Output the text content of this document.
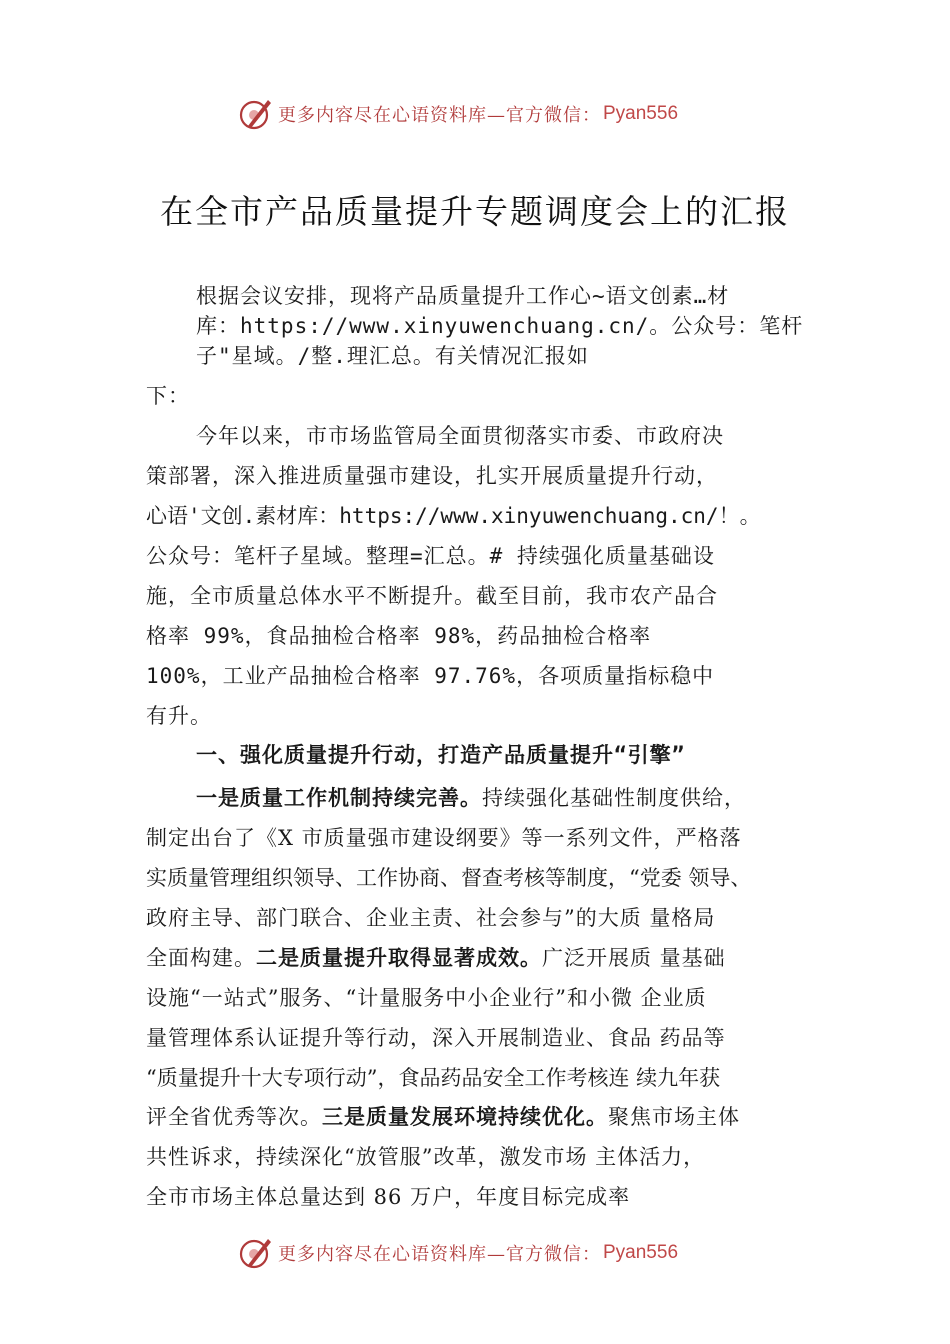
更多内容尽在心语资料库—官方微信： Pyan556
在全市产品质量提升专题调度会上的汇报
根据会议安排，现将产品质量提升工作心~语文创素…材
库：https://www.xinyuwenchuang.cn/。公众号：笔杆
子"星域。/整.理汇总。有关情况汇报如
下：
今年以来，市市场监管局全面贯彻落实市委、市政府决
策部署，深入推进质量强市建设，扎实开展质量提升行动，
心语'文创.素材库：https://www.xinyuwenchuang.cn/！。
公众号：笔杆子星域。整理=汇总。# 持续强化质量基础设
施，全市质量总体水平不断提升。截至目前，我市农产品合
格率 99%，食品抽检合格率 98%，药品抽检合格率
100%，工业产品抽检合格率 97.76%，各项质量指标稳中
有升。
一、强化质量提升行动，打造产品质量提升“引擎”
一是质量工作机制持续完善。持续强化基础性制度供给，
制定出台了《X 市质量强市建设纲要》等一系列文件，严格落
实质量管理组织领导、工作协商、督查考核等制度，“党委 领导、
政府主导、部门联合、企业主责、社会参与”的大质 量格局
全面构建。二是质量提升取得显著成效。广泛开展质 量基础
设施“一站式”服务、“计量服务中小企业行”和小微 企业质
量管理体系认证提升等行动，深入开展制造业、食品 药品等
“质量提升十大专项行动”，食品药品安全工作考核连 续九年获
评全省优秀等次。三是质量发展环境持续优化。聚焦市场主体
共性诉求，持续深化“放管服”改革，激发市场 主体活力，
全市市场主体总量达到 86 万户，年度目标完成率
更多内容尽在心语资料库—官方微信： Pyan556
